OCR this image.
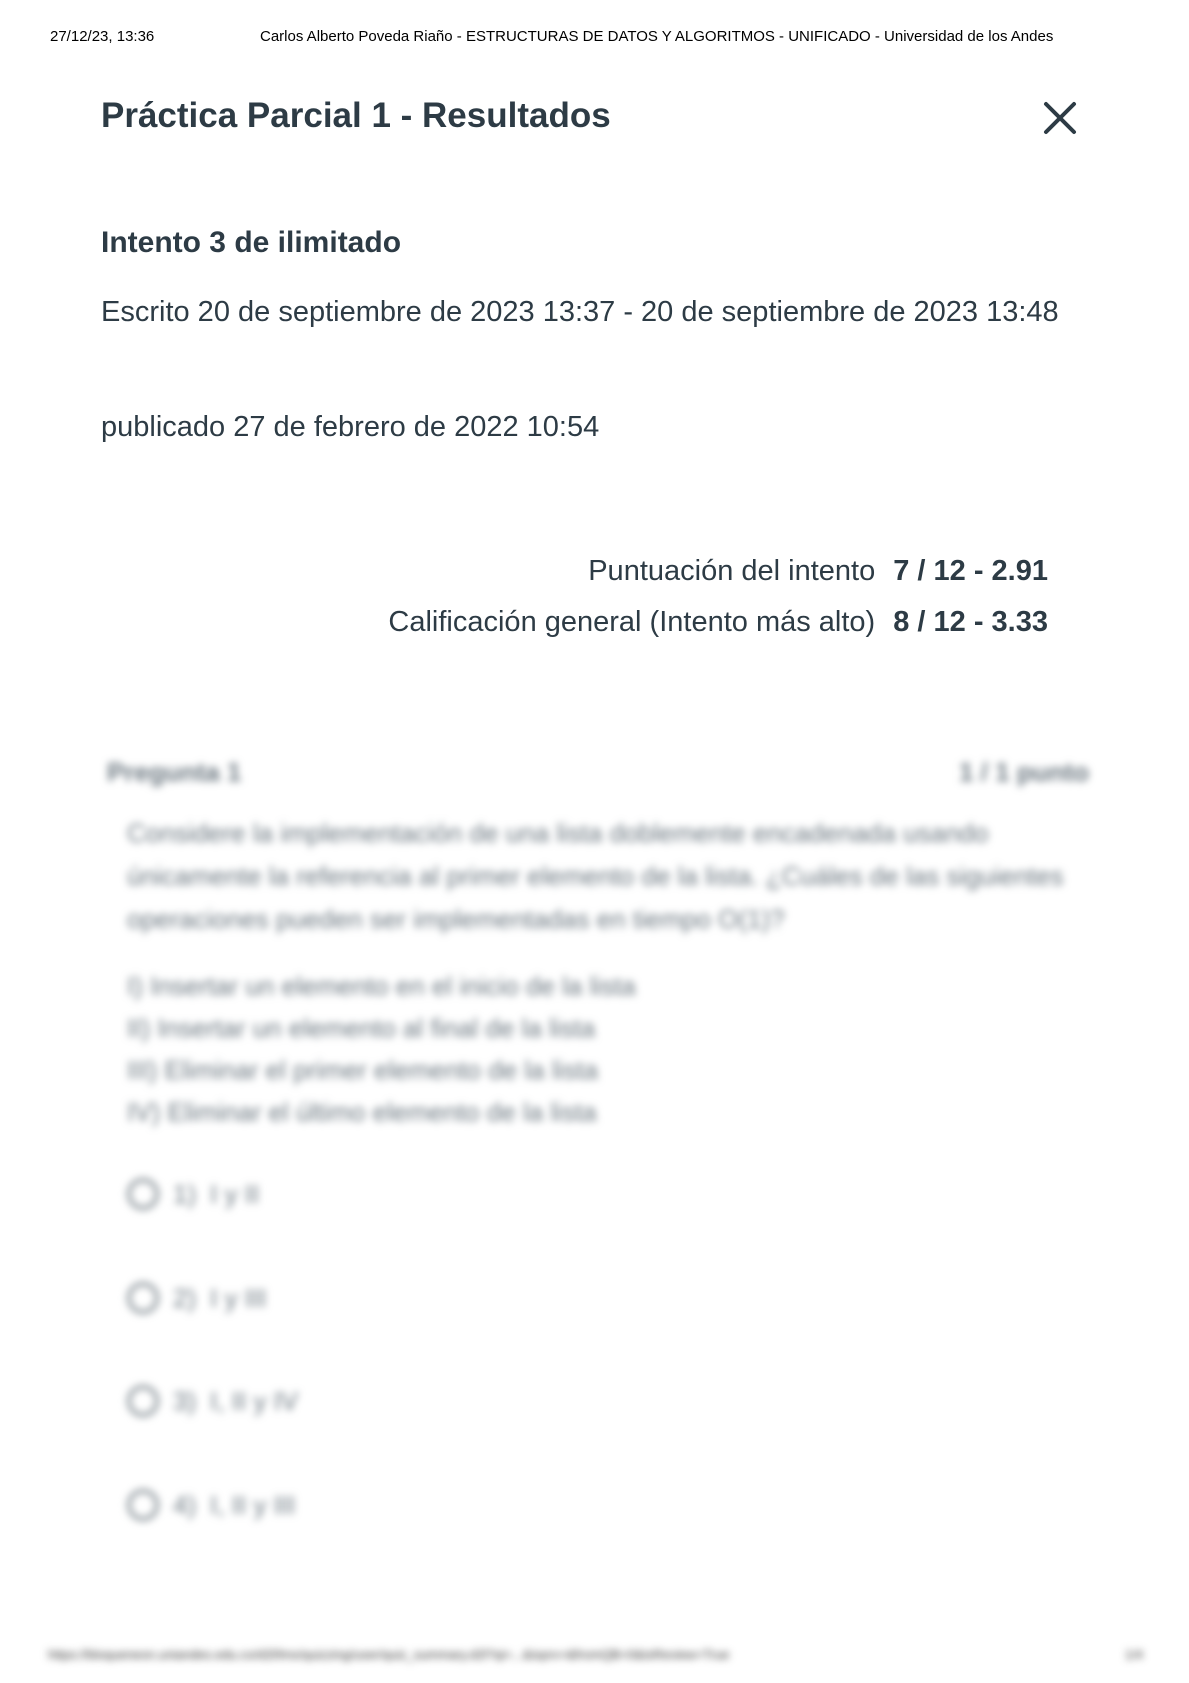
27/12/23, 13:36	Carlos Alberto Poveda Riaño - ESTRUCTURAS DE DATOS Y ALGORITMOS - UNIFICADO - Universidad de los Andes
Práctica Parcial 1 - Resultados
Intento 3 de ilimitado
Escrito 20 de septiembre de 2023 13:37 - 20 de septiembre de 2023 13:48
publicado 27 de febrero de 2022 10:54
Puntuación del intento 7 / 12 - 2.91
Calificación general (Intento más alto) 8 / 12 - 3.33
Pregunta 1	1 / 1 punto
Considere la implementación de una lista doblemente encadenada usando únicamente la referencia al primer elemento de la lista. ¿Cuáles de las siguientes operaciones pueden ser implementadas en tiempo O(1)?
I) Insertar un elemento en el inicio de la lista
II) Insertar un elemento al final de la lista
III) Eliminar el primer elemento de la lista
IV) Eliminar el último elemento de la lista
1) I y II
2) I y III
3) I, II y IV
4) I, II y III
https://bloqueneon.uniandes.edu.co/d2l/lms/quizzing/user/quiz_summary.d2l?qi=...&isprv=&fromQB=0&isReview=True	1/4
